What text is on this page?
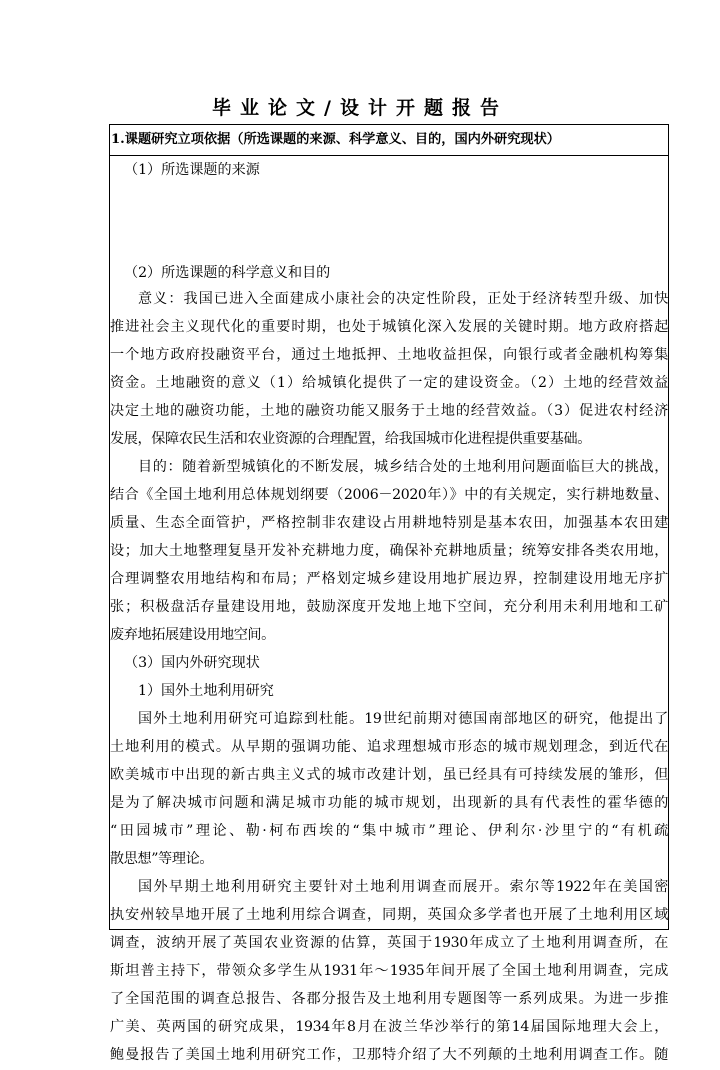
毕业论文/设计开题报告
1.课题研究立项依据（所选课题的来源、科学意义、目的，国内外研究现状）
（1）所选课题的来源
（2）所选课题的科学意义和目的
意义：我国已进入全面建成小康社会的决定性阶段，正处于经济转型升级、加快
推进社会主义现代化的重要时期，也处于城镇化深入发展的关键时期。地方政府搭起
一个地方政府投融资平台，通过土地抵押、土地收益担保，向银行或者金融机构筹集
资金。土地融资的意义（1）给城镇化提供了一定的建设资金。（2）土地的经营效益
决定土地的融资功能，土地的融资功能又服务于土地的经营效益。（3）促进农村经济
发展，保障农民生活和农业资源的合理配置，给我国城市化进程提供重要基础。
目的：随着新型城镇化的不断发展，城乡结合处的土地利用问题面临巨大的挑战，
结合《全国土地利用总体规划纲要（2006－2020年）》中的有关规定，实行耕地数量、
质量、生态全面管护，严格控制非农建设占用耕地特别是基本农田，加强基本农田建
设；加大土地整理复垦开发补充耕地力度，确保补充耕地质量；统筹安排各类农用地，
合理调整农用地结构和布局；严格划定城乡建设用地扩展边界，控制建设用地无序扩
张；积极盘活存量建设用地，鼓励深度开发地上地下空间，充分利用未利用地和工矿
废弃地拓展建设用地空间。
（3）国内外研究现状
1）国外土地利用研究
国外土地利用研究可追踪到杜能。19世纪前期对德国南部地区的研究，他提出了
土地利用的模式。从早期的强调功能、追求理想城市形态的城市规划理念，到近代在
欧美城市中出现的新古典主义式的城市改建计划，虽已经具有可持续发展的雏形，但
是为了解决城市问题和满足城市功能的城市规划，出现新的具有代表性的霍华德的
“田园城市”理论、勒·柯布西埃的“集中城市”理论、伊利尔·沙里宁的“有机疏
散思想”等理论。
国外早期土地利用研究主要针对土地利用调查而展开。索尔等1922年在美国密
执安州较旱地开展了土地利用综合调查，同期，英国众多学者也开展了土地利用区域
调查，波纳开展了英国农业资源的估算，英国于1930年成立了土地利用调查所，在
斯坦普主持下，带领众多学生从1931年～1935年间开展了全国土地利用调查，完成
了全国范围的调查总报告、各郡分报告及土地利用专题图等一系列成果。为进一步推
广美、英两国的研究成果，1934年8月在波兰华沙举行的第14届国际地理大会上，
鲍曼报告了美国土地利用研究工作，卫那特介绍了大不列颠的土地利用调查工作。随
